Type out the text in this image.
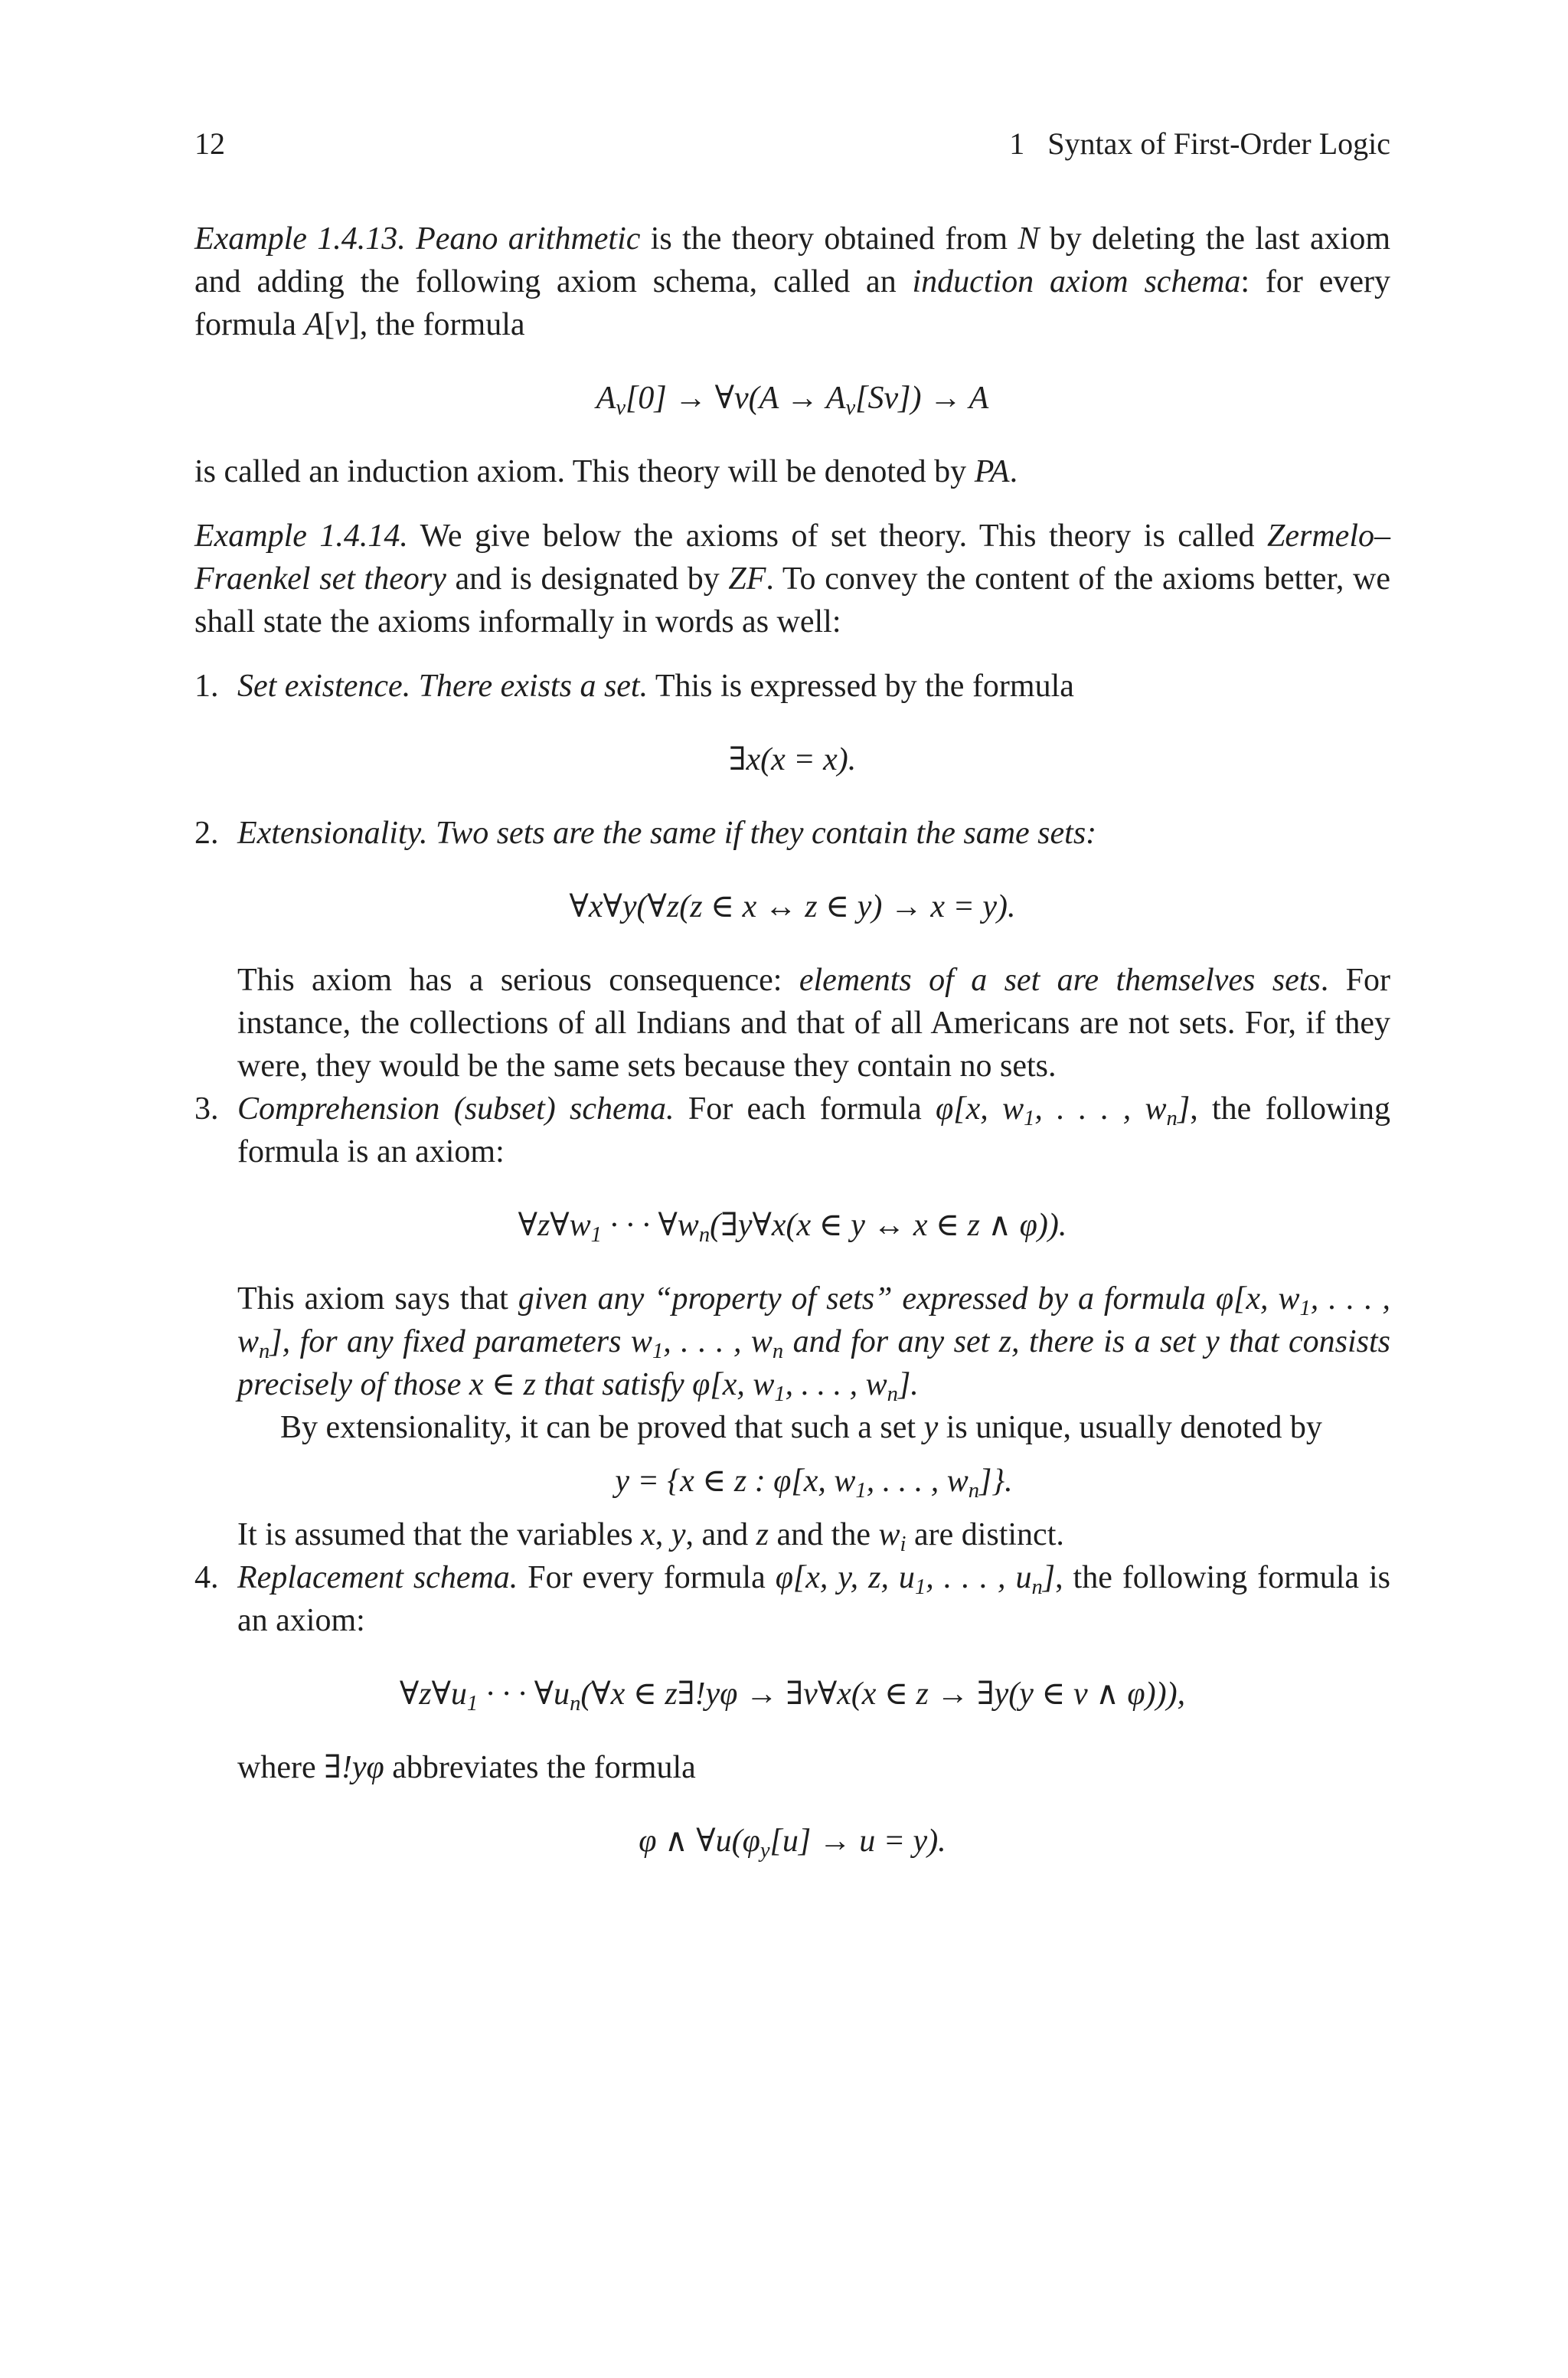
12	1   Syntax of First-Order Logic

Example 1.4.13. Peano arithmetic is the theory obtained from N by deleting the last axiom and adding the following axiom schema, called an induction axiom schema: for every formula A[v], the formula

$A_v[0]$ → ∀v(A → $A_v[Sv]) \to A$

is called an induction axiom. This theory will be denoted by PA.

Example 1.4.14. We give below the axioms of set theory. This theory is called Zermelo–Fraenkel set theory and is designated by ZF. To convey the content of the axioms better, we shall state the axioms informally in words as well:

1. Set existence. There exists a set. This is expressed by the formula

∃x(x = x).
2. Extensionality. Two sets are the same if they contain the same sets:

∀x∀y(∀z(z ∈ x ↔ z ∈ y) → x = y).

This axiom has a serious consequence: elements of a set are themselves sets. For instance, the collections of all Indians and that of all Americans are not sets. For, if they were, they would be the same sets because they contain no sets.

3. Comprehension (subset) schema. For each formula φ[x, $w_1$, . . . , $w_n$], the following formula is an axiom:

$\forall z\forall w_1$ · · · $\forall w_n(\exists y\forall x(x$ ∈ y ↔ x ∈ z ∧ φ)).

This axiom says that given any “property of sets” expressed by a formula φ[x, $w_1$, . . . , $w_n$], for any fixed parameters $w_1$, . . . , $w_n$ and for any set z, there is a set y that consists precisely of those x ∈ z that satisfy φ[x, $w_1$, . . . , $w_n$].

By extensionality, it can be proved that such a set y is unique, usually denoted by

y = {x ∈ z : φ[x, $w_1$, . . . , $w_n$]}.

It is assumed that the variables x, y, and z and the $w_i$ are distinct.

4. Replacement schema. For every formula φ[x, y, z, $u_1$, . . . , $u_n$], the following formula is an axiom:

$\forall z\forall u_1$ · · · $\forall u_n(\forall x$ ∈ z∃!yφ → ∃v∀x(x ∈ z → ∃y(y ∈ v ∧ φ))),

where ∃!yφ abbreviates the formula

φ ∧ $\forall u(\varphi_y[u] \to u = y)$.
